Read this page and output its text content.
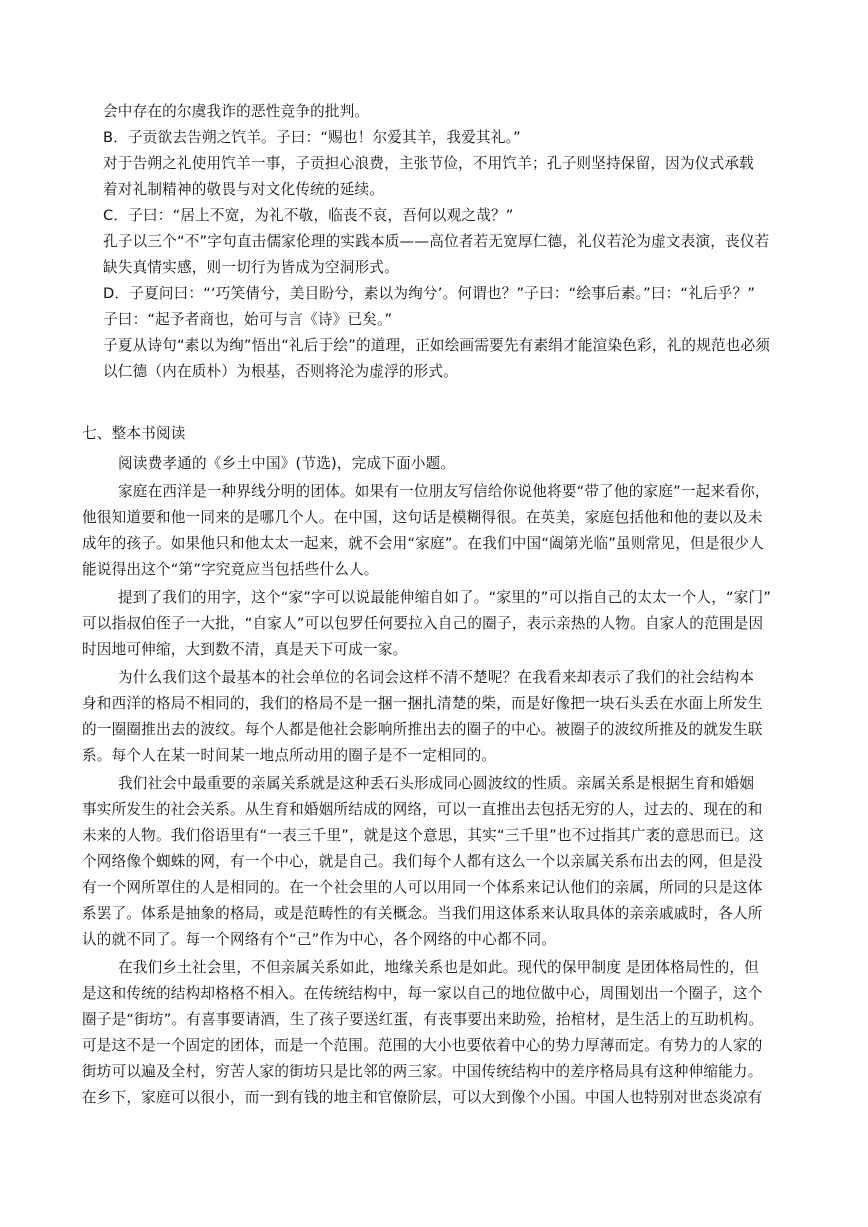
会中存在的尔虞我诈的恶性竞争的批判。
B．子贡欲去告朔之饩羊。子曰：“赐也！尔爱其羊，我爱其礼。”
对于告朔之礼使用饩羊一事，子贡担心浪费，主张节俭，不用饩羊；孔子则坚持保留，因为仪式承载
着对礼制精神的敬畏与对文化传统的延续。
C．子曰：“居上不宽，为礼不敬，临丧不哀，吾何以观之哉？”
孔子以三个“不”字句直击儒家伦理的实践本质——高位者若无宽厚仁德，礼仪若沦为虚文表演，丧仪若
缺失真情实感，则一切行为皆成为空洞形式。
D．子夏问曰：“‘巧笑倩兮，美目盼兮，素以为绚兮’。何谓也？”子曰：“绘事后素。”曰：“礼后乎？”
子曰：“起予者商也，始可与言《诗》已矣。”
子夏从诗句“素以为绚”悟出“礼后于绘”的道理，正如绘画需要先有素绢才能渲染色彩，礼的规范也必须
以仁德（内在质朴）为根基，否则将沦为虚浮的形式。
七、整本书阅读
阅读费孝通的《乡土中国》(节选)，完成下面小题。
家庭在西洋是一种界线分明的团体。如果有一位朋友写信给你说他将要“带了他的家庭”一起来看你，
他很知道要和他一同来的是哪几个人。在中国，这句话是模糊得很。在英美，家庭包括他和他的妻以及未
成年的孩子。如果他只和他太太一起来，就不会用“家庭”。在我们中国“阖第光临”虽则常见，但是很少人
能说得出这个“第”字究竟应当包括些什么人。
提到了我们的用字，这个“家”字可以说最能伸缩自如了。“家里的”可以指自己的太太一个人，“家门”
可以指叔伯侄子一大批，“自家人”可以包罗任何要拉入自己的圈子，表示亲热的人物。自家人的范围是因
时因地可伸缩，大到数不清，真是天下可成一家。
为什么我们这个最基本的社会单位的名词会这样不清不楚呢？在我看来却表示了我们的社会结构本
身和西洋的格局不相同的，我们的格局不是一捆一捆扎清楚的柴，而是好像把一块石头丢在水面上所发生
的一圈圈推出去的波纹。每个人都是他社会影响所推出去的圈子的中心。被圈子的波纹所推及的就发生联
系。每个人在某一时间某一地点所动用的圈子是不一定相同的。
我们社会中最重要的亲属关系就是这种丢石头形成同心圆波纹的性质。亲属关系是根据生育和婚姻
事实所发生的社会关系。从生育和婚姻所结成的网络，可以一直推出去包括无穷的人，过去的、现在的和
未来的人物。我们俗语里有“一表三千里”，就是这个意思，其实“三千里”也不过指其广袤的意思而已。这
个网络像个蜘蛛的网，有一个中心，就是自己。我们每个人都有这么一个以亲属关系布出去的网，但是没
有一个网所罩住的人是相同的。在一个社会里的人可以用同一个体系来记认他们的亲属，所同的只是这体
系罢了。体系是抽象的格局，或是范畴性的有关概念。当我们用这体系来认取具体的亲亲戚戚时，各人所
认的就不同了。每一个网络有个“己”作为中心，各个网络的中心都不同。
在我们乡土社会里，不但亲属关系如此，地缘关系也是如此。现代的保甲制度 是团体格局性的，但
是这和传统的结构却格格不相入。在传统结构中，每一家以自己的地位做中心，周围划出一个圈子，这个
圈子是“街坊”。有喜事要请酒，生了孩子要送红蛋，有丧事要出来助殓，抬棺材，是生活上的互助机构。
可是这不是一个固定的团体，而是一个范围。范围的大小也要依着中心的势力厚薄而定。有势力的人家的
街坊可以遍及全村，穷苦人家的街坊只是比邻的两三家。中国传统结构中的差序格局具有这种伸缩能力。
在乡下，家庭可以很小，而一到有钱的地主和官僚阶层，可以大到像个小国。中国人也特别对世态炎凉有
